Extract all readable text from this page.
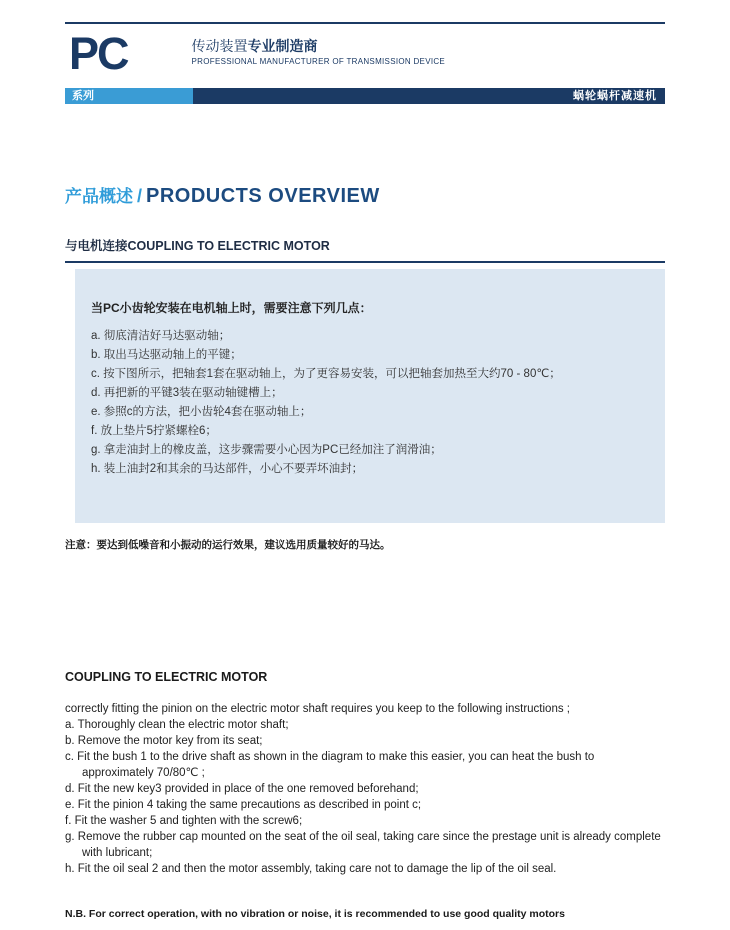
PC	传动装置专业制造商
PROFESSIONAL MANUFACTURER OF TRANSMISSION DEVICE
系列	蜗轮蜗杆减速机
产品概述 / PRODUCTS OVERVIEW
与电机连接COUPLING TO ELECTRIC MOTOR
当PC小齿轮安装在电机轴上时，需要注意下列几点：
a. 彻底清洁好马达驱动轴；
b. 取出马达驱动轴上的平键；
c. 按下图所示，把轴套1套在驱动轴上，为了更容易安装，可以把轴套加热至大约70 - 80℃；
d. 再把新的平键3装在驱动轴键槽上；
e. 参照c的方法，把小齿轮4套在驱动轴上；
f. 放上垫片5拧紧螺栓6；
g. 拿走油封上的橡皮盖，这步骤需要小心因为PC已经加注了润滑油；
h. 装上油封2和其余的马达部件，小心不要弄坏油封；
注意：要达到低噪音和小振动的运行效果，建议选用质量较好的马达。
COUPLING TO ELECTRIC MOTOR
correctly fitting the pinion on the electric motor shaft requires you keep to the following instructions ;
a. Thoroughly clean the electric motor shaft;
b. Remove the motor key from its seat;
c. Fit the bush 1 to the drive shaft as shown in the diagram to make this easier, you can heat the bush to approximately 70/80℃ ;
d. Fit the new key3 provided in place of the one removed beforehand;
e. Fit the pinion 4 taking the same precautions as described in point c;
f. Fit the washer 5 and tighten with the screw6;
g. Remove the rubber cap mounted on the seat of the oil seal, taking care since the prestage unit is already complete with lubricant;
h. Fit the oil seal 2 and then the motor assembly, taking care not to damage the lip of the oil seal.
N.B. For correct operation, with no vibration or noise, it is recommended to use good quality motors
